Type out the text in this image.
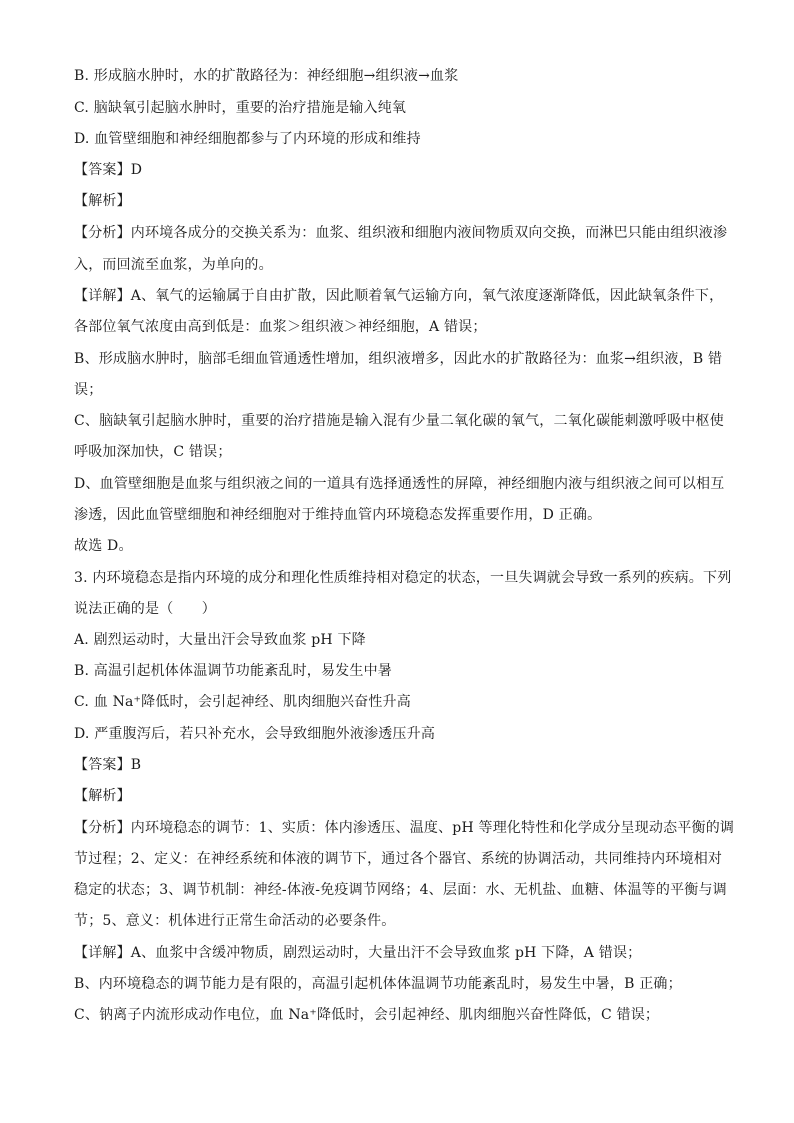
B. 形成脑水肿时，水的扩散路径为：神经细胞→组织液→血浆
C. 脑缺氧引起脑水肿时，重要的治疗措施是输入纯氧
D. 血管壁细胞和神经细胞都参与了内环境的形成和维持
【答案】D
【解析】
【分析】内环境各成分的交换关系为：血浆、组织液和细胞内液间物质双向交换，而淋巴只能由组织液渗
入，而回流至血浆，为单向的。
【详解】A、氧气的运输属于自由扩散，因此顺着氧气运输方向，氧气浓度逐渐降低，因此缺氧条件下，
各部位氧气浓度由高到低是：血浆＞组织液＞神经细胞，A 错误；
B、形成脑水肿时，脑部毛细血管通透性增加，组织液增多，因此水的扩散路径为：血浆→组织液，B 错
误；
C、脑缺氧引起脑水肿时，重要的治疗措施是输入混有少量二氧化碳的氧气，二氧化碳能刺激呼吸中枢使
呼吸加深加快，C 错误；
D、血管壁细胞是血浆与组织液之间的一道具有选择通透性的屏障，神经细胞内液与组织液之间可以相互
渗透，因此血管壁细胞和神经细胞对于维持血管内环境稳态发挥重要作用，D 正确。
故选 D。
3. 内环境稳态是指内环境的成分和理化性质维持相对稳定的状态，一旦失调就会导致一系列的疾病。下列
说法正确的是（　　）
A. 剧烈运动时，大量出汗会导致血浆 pH 下降
B. 高温引起机体体温调节功能紊乱时，易发生中暑
C. 血 Na⁺降低时，会引起神经、肌肉细胞兴奋性升高
D. 严重腹泻后，若只补充水，会导致细胞外液渗透压升高
【答案】B
【解析】
【分析】内环境稳态的调节：1、实质：体内渗透压、温度、pH 等理化特性和化学成分呈现动态平衡的调
节过程；2、定义：在神经系统和体液的调节下，通过各个器官、系统的协调活动，共同维持内环境相对
稳定的状态；3、调节机制：神经-体液-免疫调节网络；4、层面：水、无机盐、血糖、体温等的平衡与调
节；5、意义：机体进行正常生命活动的必要条件。
【详解】A、血浆中含缓冲物质，剧烈运动时，大量出汗不会导致血浆 pH 下降，A 错误；
B、内环境稳态的调节能力是有限的，高温引起机体体温调节功能紊乱时，易发生中暑，B 正确；
C、钠离子内流形成动作电位，血 Na⁺降低时，会引起神经、肌肉细胞兴奋性降低，C 错误；
